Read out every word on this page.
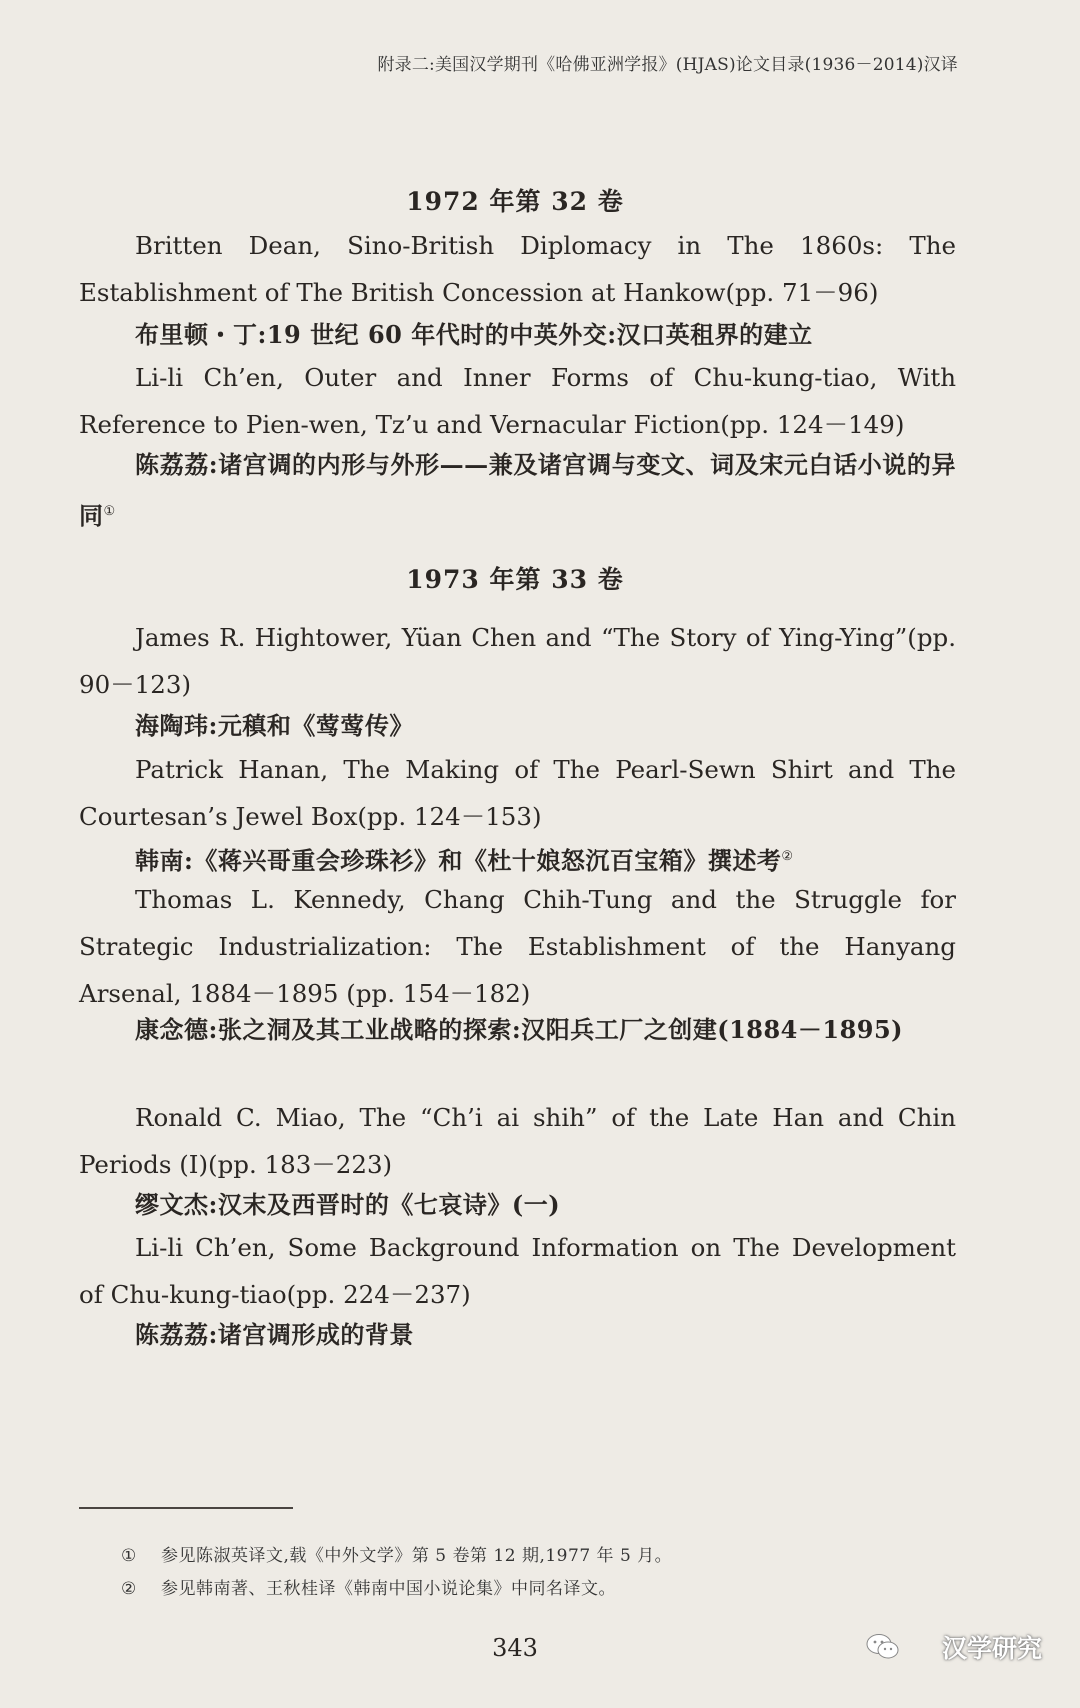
附录二:美国汉学期刊《哈佛亚洲学报》(HJAS)论文目录(1936－2014)汉译
1972 年第 32 卷
Britten Dean, Sino-British Diplomacy in The 1860s: The Establishment of The British Concession at Hankow(pp. 71－96)
布里顿・丁:19 世纪 60 年代时的中英外交:汉口英租界的建立
Li-li Ch’en, Outer and Inner Forms of Chu-kung-tiao, With Reference to Pien-wen, Tz’u and Vernacular Fiction(pp. 124－149)
陈荔荔:诸宫调的内形与外形——兼及诸宫调与变文、词及宋元白话小说的异同①
1973 年第 33 卷
James R. Hightower, Yüan Chen and “The Story of Ying-Ying”(pp. 90－123)
海陶玮:元稹和《莺莺传》
Patrick Hanan, The Making of The Pearl-Sewn Shirt and The Courtesan’s Jewel Box(pp. 124－153)
韩南:《蒋兴哥重会珍珠衫》和《杜十娘怒沉百宝箱》撰述考②
Thomas L. Kennedy, Chang Chih-Tung and the Struggle for Strategic Industrialization: The Establishment of the Hanyang Arsenal, 1884－1895 (pp. 154－182)
康念德:张之洞及其工业战略的探索:汉阳兵工厂之创建(1884－1895)
Ronald C. Miao, The “Ch’i ai shih” of the Late Han and Chin Periods (I)(pp. 183－223)
缪文杰:汉末及西晋时的《七哀诗》(一)
Li-li Ch’en, Some Background Information on The Development of Chu-kung-tiao(pp. 224－237)
陈荔荔:诸宫调形成的背景
① 参见陈淑英译文,载《中外文学》第 5 卷第 12 期,1977 年 5 月。
② 参见韩南著、王秋桂译《韩南中国小说论集》中同名译文。
343	汉学研究
